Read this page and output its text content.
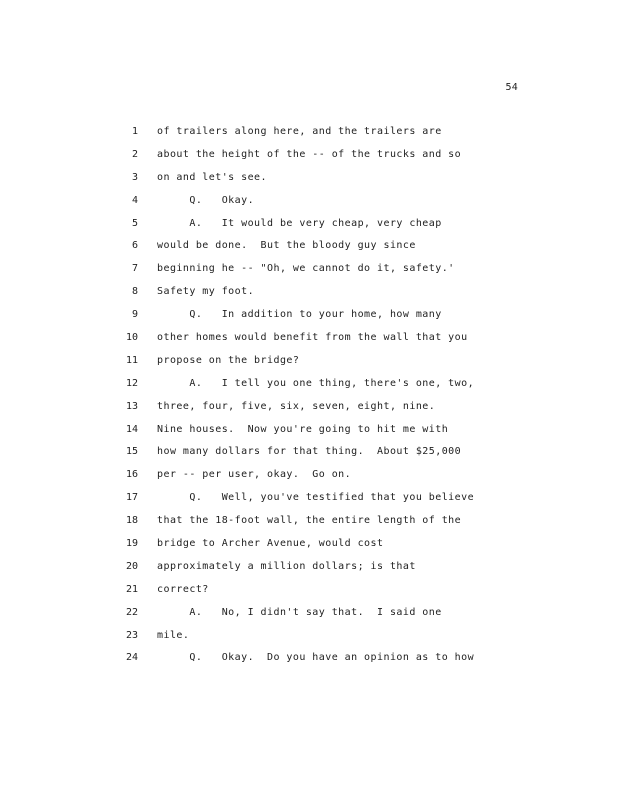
54
1 of trailers along here, and the trailers are
2 about the height of the -- of the trucks and so
3 on and let's see.
4 Q.   Okay.
5 A.   It would be very cheap, very cheap
6 would be done.  But the bloody guy since
7 beginning he -- "Oh, we cannot do it, safety.'
8 Safety my foot.
9 Q.   In addition to your home, how many
10 other homes would benefit from the wall that you
11 propose on the bridge?
12 A.   I tell you one thing, there's one, two,
13 three, four, five, six, seven, eight, nine.
14 Nine houses.  Now you're going to hit me with
15 how many dollars for that thing.  About $25,000
16 per -- per user, okay.  Go on.
17 Q.   Well, you've testified that you believe
18 that the 18-foot wall, the entire length of the
19 bridge to Archer Avenue, would cost
20 approximately a million dollars; is that
21 correct?
22 A.   No, I didn't say that.  I said one
23 mile.
24 Q.   Okay.  Do you have an opinion as to how
